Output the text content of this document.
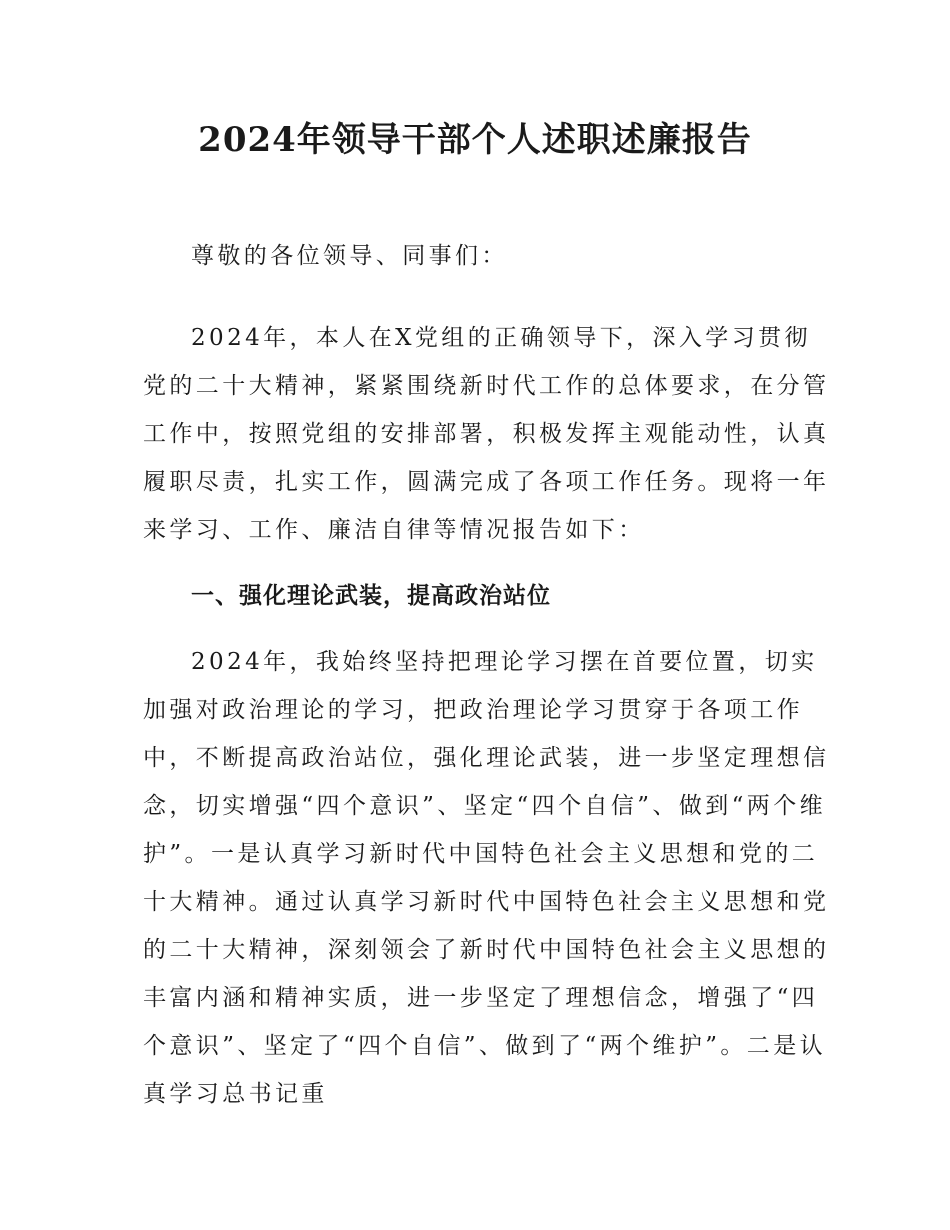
2024年领导干部个人述职述廉报告

尊敬的各位领导、同事们：

2024年，本人在X党组的正确领导下，深入学习贯彻党的二十大精神，紧紧围绕新时代工作的总体要求，在分管工作中，按照党组的安排部署，积极发挥主观能动性，认真履职尽责，扎实工作，圆满完成了各项工作任务。现将一年来学习、工作、廉洁自律等情况报告如下：

一、强化理论武装，提高政治站位

2024年，我始终坚持把理论学习摆在首要位置，切实加强对政治理论的学习，把政治理论学习贯穿于各项工作中，不断提高政治站位，强化理论武装，进一步坚定理想信念，切实增强“四个意识”、坚定“四个自信”、做到“两个维护”。一是认真学习新时代中国特色社会主义思想和党的二十大精神。通过认真学习新时代中国特色社会主义思想和党的二十大精神，深刻领会了新时代中国特色社会主义思想的丰富内涵和精神实质，进一步坚定了理想信念，增强了“四个意识”、坚定了“四个自信”、做到了“两个维护”。二是认真学习总书记重
